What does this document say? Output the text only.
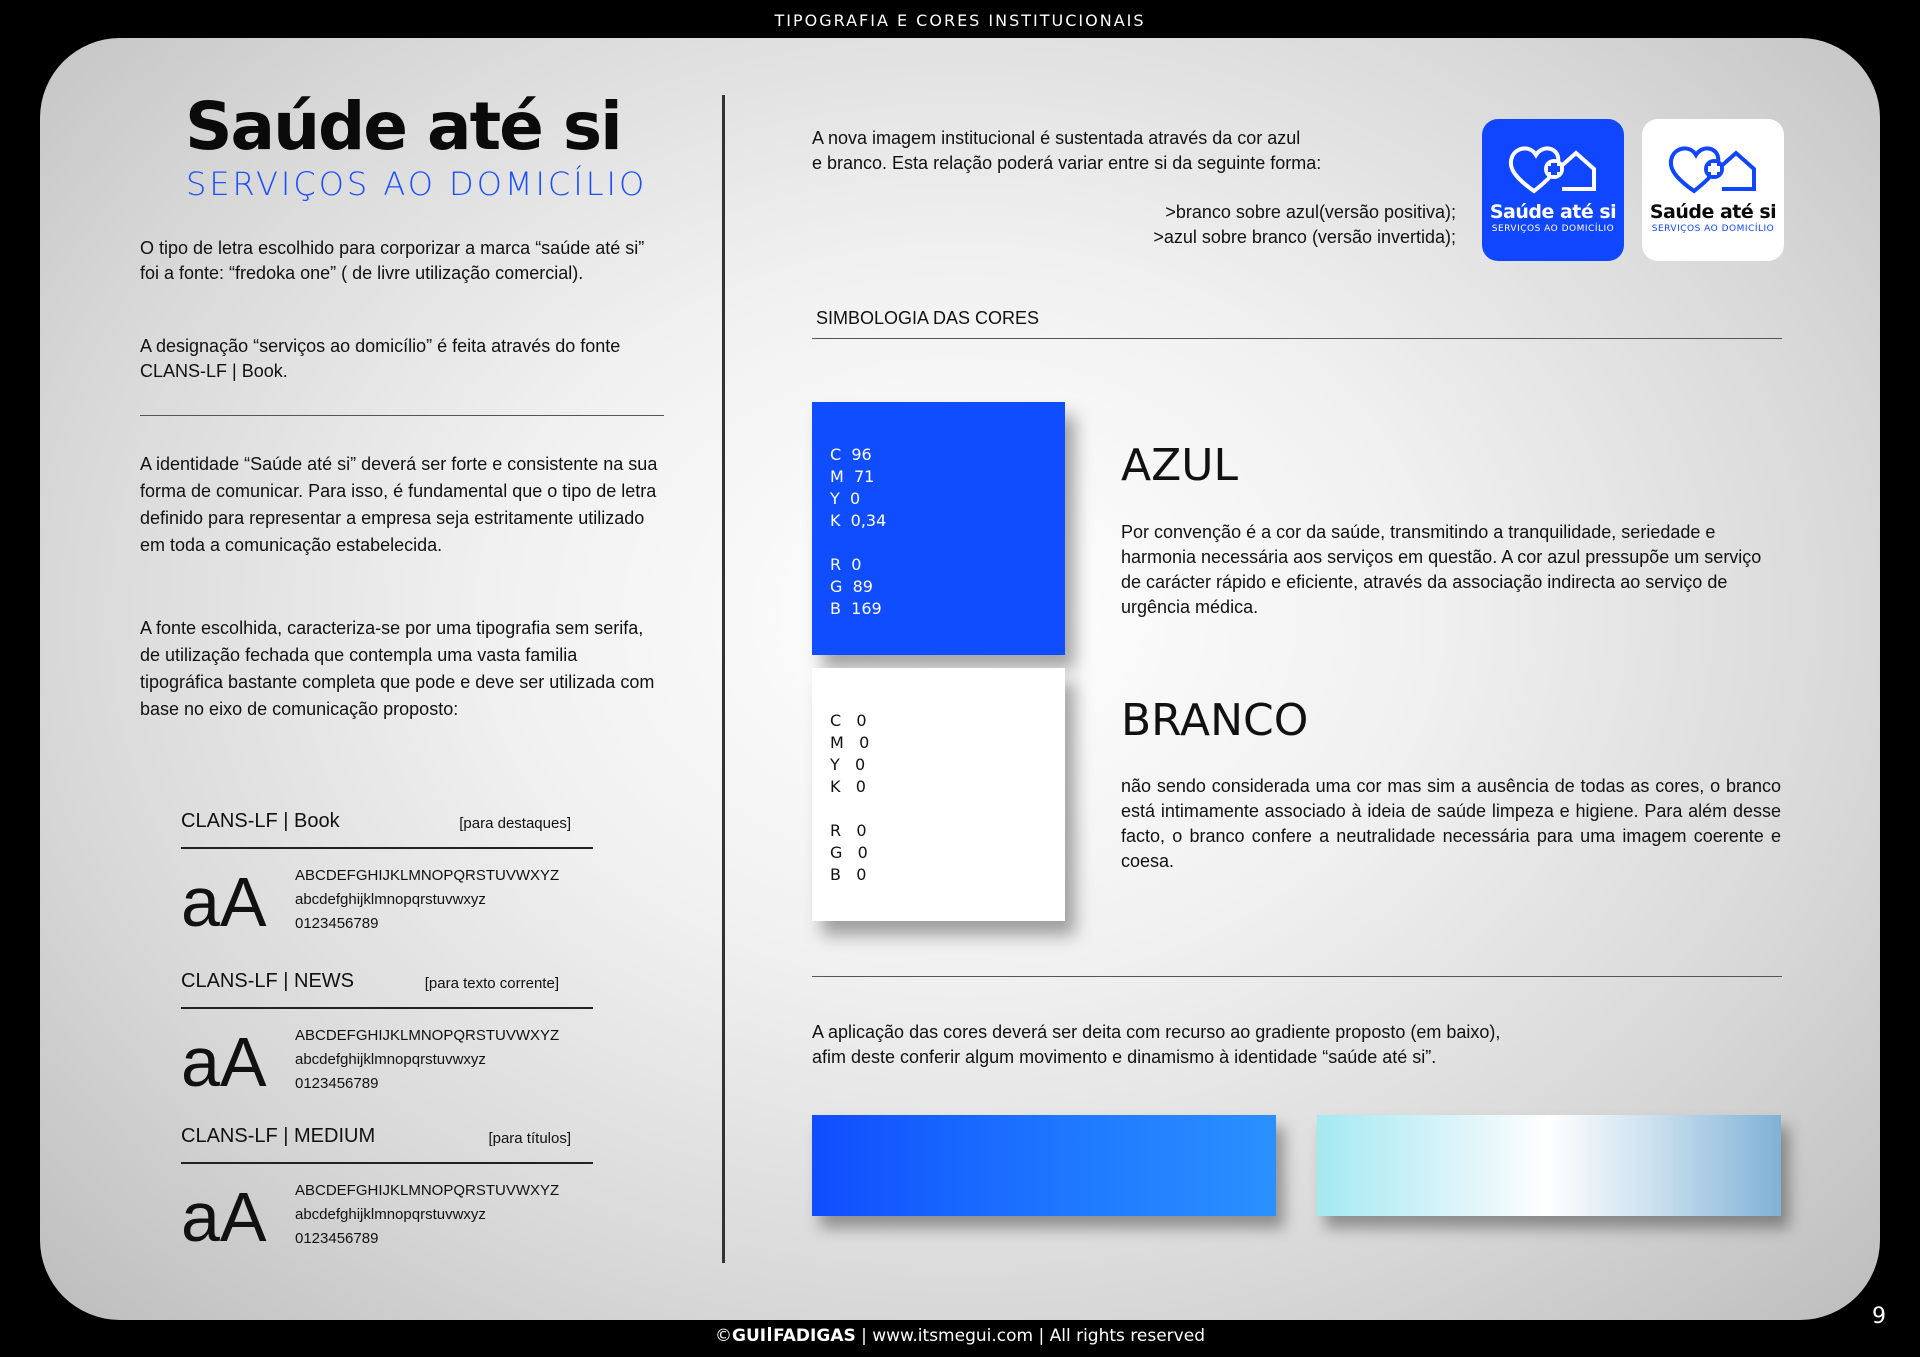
TIPOGRAFIA E CORES INSTITUCIONAIS
Saúde até si
SERVIÇOS AO DOMICÍLIO
O tipo de letra escolhido para corporizar a marca “saúde até si” foi a fonte: “fredoka one” ( de livre utilização comercial).
A designação “serviços ao domicílio” é feita através do fonte CLANS-LF | Book.
A identidade “Saúde até si” deverá ser forte e consistente na sua forma de comunicar. Para isso, é fundamental que o tipo de letra definido para representar a empresa seja estritamente utilizado em toda a comunicação estabelecida.
A fonte escolhida, caracteriza-se por uma tipografia sem serifa, de utilização fechada que contempla uma vasta familia tipográfica bastante completa que pode e deve ser utilizada com base no eixo de comunicação proposto:
CLANS-LF | Book	[para destaques]
aA ABCDEFGHIJKLMNOPQRSTUVWXYZ
abcdefghijklmnopqrstuvwxyz
0123456789
CLANS-LF | NEWS	[para texto corrente]
aA ABCDEFGHIJKLMNOPQRSTUVWXYZ
abcdefghijklmnopqrstuvwxyz
0123456789
CLANS-LF | MEDIUM	[para títulos]
aA ABCDEFGHIJKLMNOPQRSTUVWXYZ
abcdefghijklmnopqrstuvwxyz
0123456789
A nova imagem institucional é sustentada através da cor azul
e branco. Esta relação poderá variar entre si da seguinte forma:
>branco sobre azul(versão positiva);
>azul sobre branco (versão invertida);
Saúde até si
SERVIÇOS AO DOMICÍLIO
Saúde até si
SERVIÇOS AO DOMICÍLIO
SIMBOLOGIA DAS CORES
C  96
M  71
Y  0
K  0,34
R  0
G  89
B  169
C   0
M   0
Y   0
K   0
R   0
G   0
B   0
AZUL
Por convenção é a cor da saúde, transmitindo a tranquilidade, seriedade e harmonia necessária aos serviços em questão. A cor azul pressupõe um serviço de carácter rápido e eficiente, através da associação indirecta ao serviço de urgência médica.
BRANCO
não sendo considerada uma cor mas sim a ausência de todas as cores, o branco está intimamente associado à ideia de saúde limpeza e higiene. Para além desse facto, o branco confere a neutralidade necessária para uma imagem coerente e coesa.
A aplicação das cores deverá ser deita com recurso ao gradiente proposto (em baixo),
afim deste conferir algum movimento e dinamismo à identidade “saúde até si”.
©GUI FADIGAS | www.itsmegui.com | All rights reserved
9
